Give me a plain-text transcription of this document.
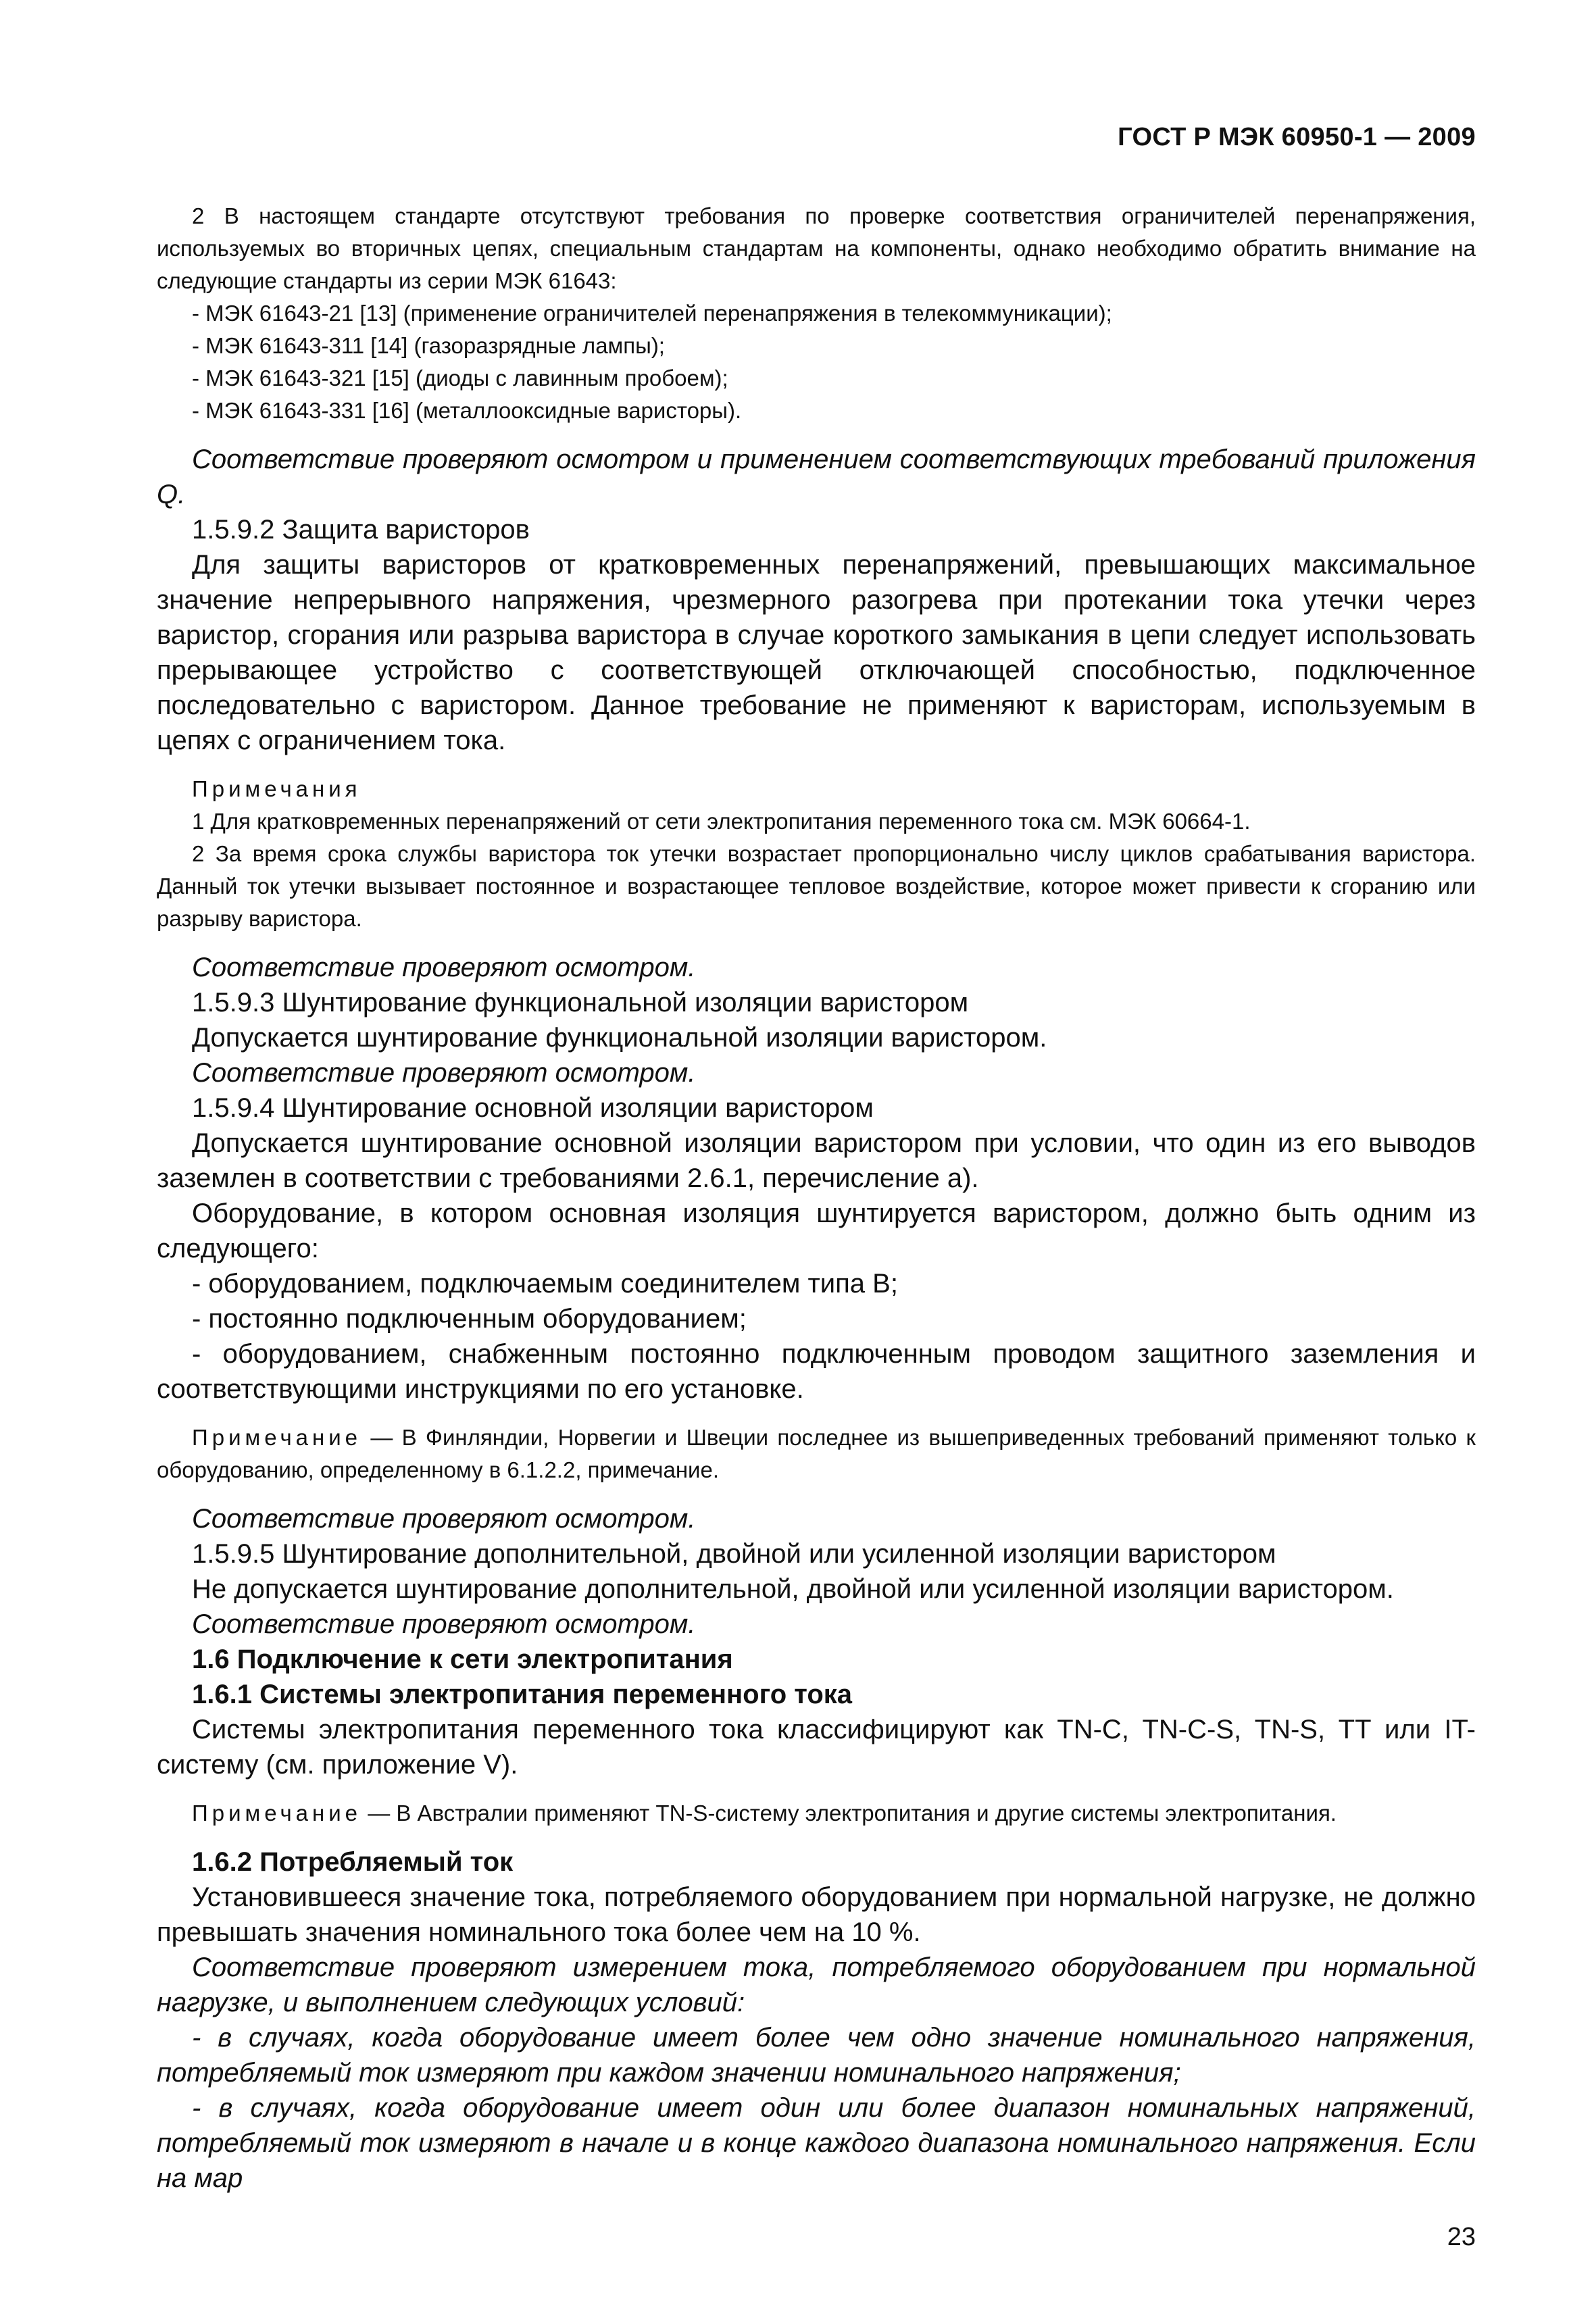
ГОСТ Р МЭК 60950-1 — 2009

2 В настоящем стандарте отсутствуют требования по проверке соответствия ограничителей перенапряжения, используемых во вторичных цепях, специальным стандартам на компоненты, однако необходимо обратить внимание на следующие стандарты из серии МЭК 61643:

- МЭК 61643-21 [13] (применение ограничителей перенапряжения в телекоммуникации);

- МЭК 61643-311 [14] (газоразрядные лампы);

- МЭК 61643-321 [15] (диоды с лавинным пробоем);

- МЭК 61643-331 [16] (металлооксидные варисторы).

Соответствие проверяют осмотром и применением соответствующих требований приложения Q.

1.5.9.2 Защита варисторов

Для защиты варисторов от кратковременных перенапряжений, превышающих максимальное значение непрерывного напряжения, чрезмерного разогрева при протекании тока утечки через варистор, сгорания или разрыва варистора в случае короткого замыкания в цепи следует использовать прерывающее устройство с соответствующей отключающей способностью, подключенное последовательно с варистором. Данное требование не применяют к варисторам, используемым в цепях с ограничением тока.

Примечания

1 Для кратковременных перенапряжений от сети электропитания переменного тока см. МЭК 60664-1.

2 За время срока службы варистора ток утечки возрастает пропорционально числу циклов срабатывания варистора. Данный ток утечки вызывает постоянное и возрастающее тепловое воздействие, которое может привести к сгоранию или разрыву варистора.

Соответствие проверяют осмотром.

1.5.9.3 Шунтирование функциональной изоляции варистором

Допускается шунтирование функциональной изоляции варистором.

Соответствие проверяют осмотром.

1.5.9.4 Шунтирование основной изоляции варистором

Допускается шунтирование основной изоляции варистором при условии, что один из его выводов заземлен в соответствии с требованиями 2.6.1, перечисление а).

Оборудование, в котором основная изоляция шунтируется варистором, должно быть одним из следующего:

- оборудованием, подключаемым соединителем типа В;

- постоянно подключенным оборудованием;

- оборудованием, снабженным постоянно подключенным проводом защитного заземления и соответствующими инструкциями по его установке.

Примечание — В Финляндии, Норвегии и Швеции последнее из вышеприведенных требований применяют только к оборудованию, определенному в 6.1.2.2, примечание.

Соответствие проверяют осмотром.

1.5.9.5 Шунтирование дополнительной, двойной или усиленной изоляции варистором

Не допускается шунтирование дополнительной, двойной или усиленной изоляции варистором.

Соответствие проверяют осмотром.

1.6 Подключение к сети электропитания

1.6.1 Системы электропитания переменного тока

Системы электропитания переменного тока классифицируют как TN-C, TN-C-S, TN-S, TT или IT-систему (см. приложение V).

Примечание — В Австралии применяют TN-S-систему электропитания и другие системы электропитания.

1.6.2 Потребляемый ток

Установившееся значение тока, потребляемого оборудованием при нормальной нагрузке, не должно превышать значения номинального тока более чем на 10 %.

Соответствие проверяют измерением тока, потребляемого оборудованием при нормальной нагрузке, и выполнением следующих условий:

- в случаях, когда оборудование имеет более чем одно значение номинального напряжения, потребляемый ток измеряют при каждом значении номинального напряжения;

- в случаях, когда оборудование имеет один или более диапазон номинальных напряжений, потребляемый ток измеряют в начале и в конце каждого диапазона номинального напряжения. Если на мар

23
